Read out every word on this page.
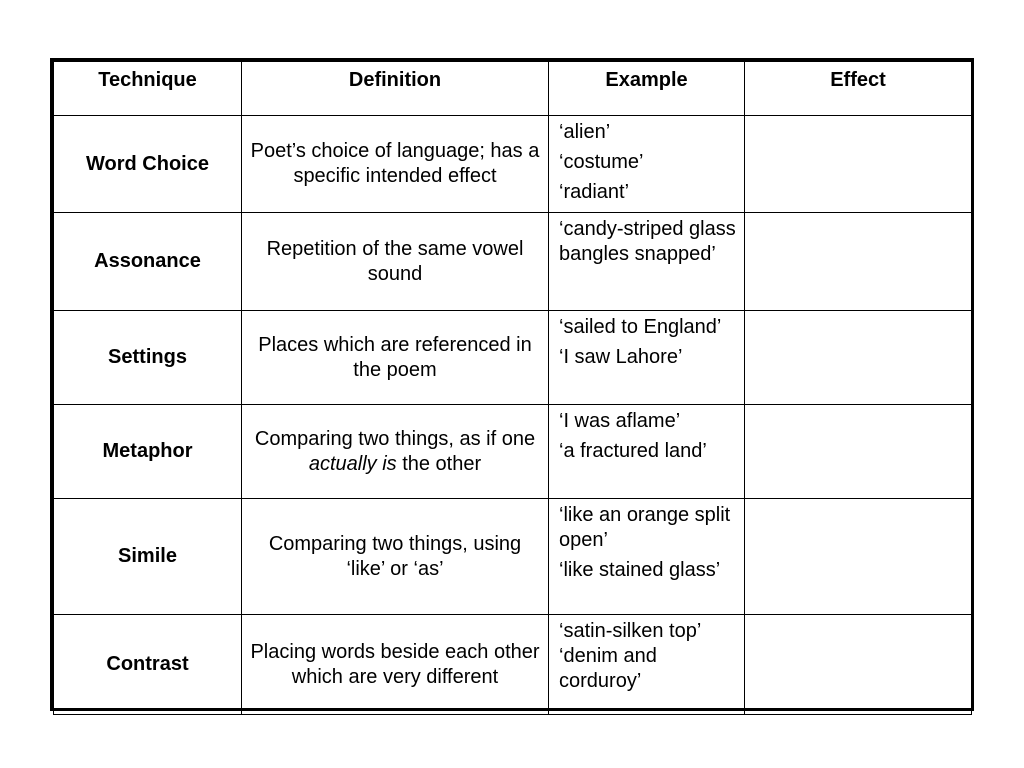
Technique	Definition	Example	Effect
Word Choice	Poet’s choice of language; has a specific intended effect	‘alien’
‘costume’
‘radiant’	

Assonance	Repetition of the same vowel sound	‘candy-striped glass bangles snapped’	

Settings	Places which are referenced in the poem	‘sailed to England’
‘I saw Lahore’	

Metaphor	Comparing two things, as if one actually is the other	‘I was aflame’
‘a fractured land’	

Simile	Comparing two things, using ‘like’ or ‘as’	‘like an orange split open’
‘like stained glass’	

Contrast	Placing words beside each other which are very different	‘satin-silken top’
‘denim and corduroy’	
